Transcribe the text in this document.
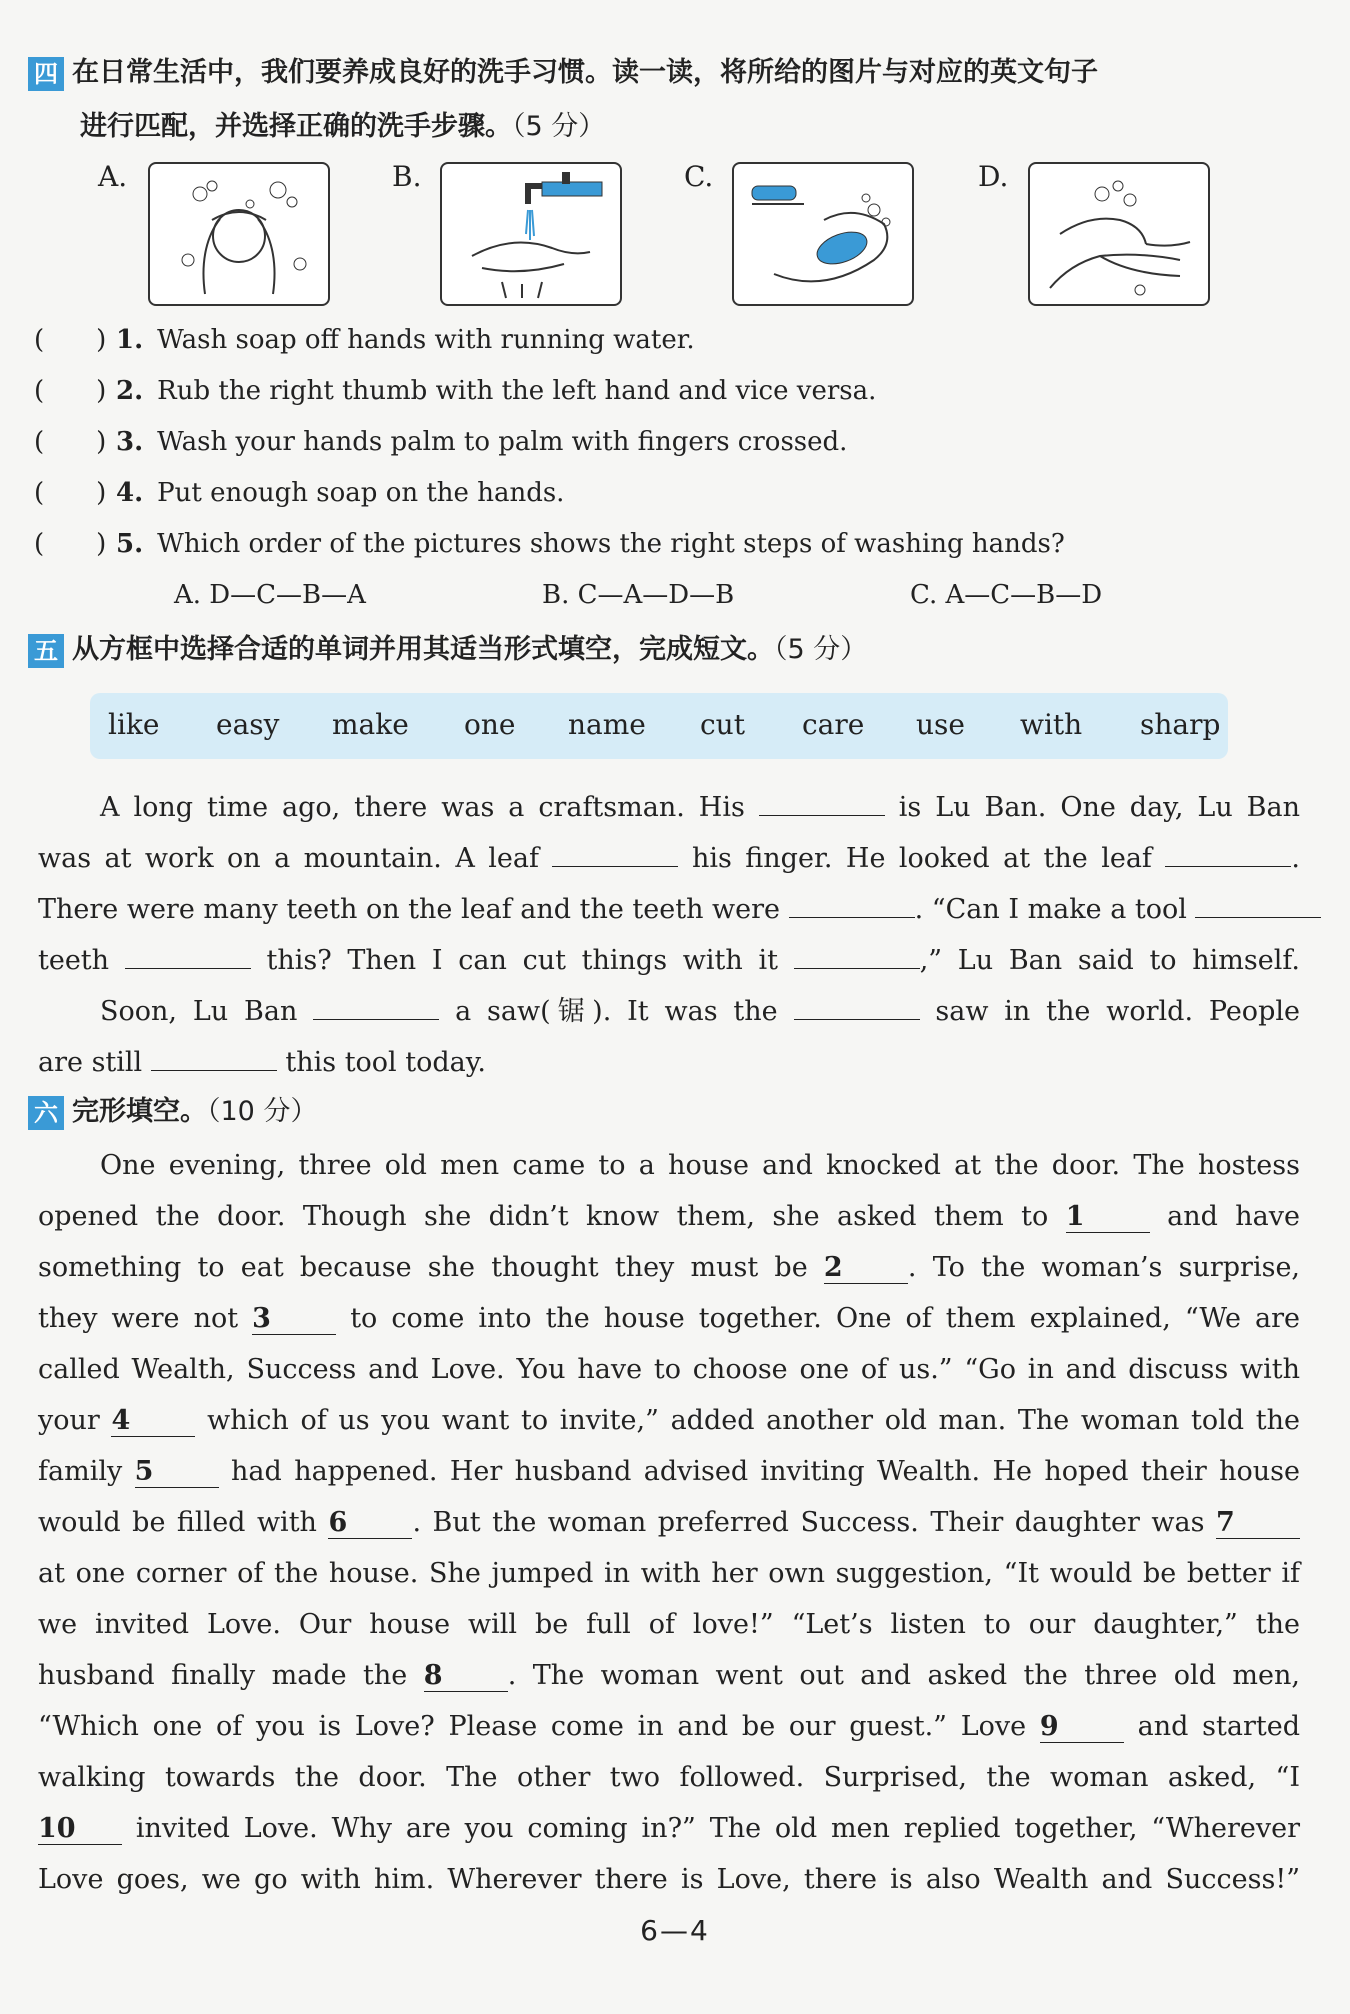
四 在日常生活中，我们要养成良好的洗手习惯。读一读，将所给的图片与对应的英文句子
进行匹配，并选择正确的洗手步骤。（5 分）
A.	B.	C.	D.
(　　) 1. Wash soap off hands with running water.
(　　) 2. Rub the right thumb with the left hand and vice versa.
(　　) 3. Wash your hands palm to palm with fingers crossed.
(　　) 4. Put enough soap on the hands.
(　　) 5. Which order of the pictures shows the right steps of washing hands?
A. D—C—B—A	B. C—A—D—B	C. A—C—B—D
五 从方框中选择合适的单词并用其适当形式填空，完成短文。（5 分）
like easy make one name cut care use with sharp
A long time ago, there was a craftsman. His	is Lu Ban. One day, Lu Ban
was at work on a mountain. A leaf	his finger. He looked at the leaf	.
There were many teeth on the leaf and the teeth were	. “Can I make a tool
teeth	this? Then I can cut things with it	,” Lu Ban said to himself.
Soon, Lu Ban	a saw(锯). It was the	saw in the world. People
are still	this tool today.
六 完形填空。（10 分）
One evening, three old men came to a house and knocked at the door. The hostess
opened the door. Though she didn’t know them, she asked them to 1	and have
something to eat because she thought they must be 2 . To the woman’s surprise,
they were not 3	to come into the house together. One of them explained, “We are
called Wealth, Success and Love. You have to choose one of us.” “Go in and discuss with
your 4	which of us you want to invite,” added another old man. The woman told the
family 5	had happened. Her husband advised inviting Wealth. He hoped their house
would be filled with 6 . But the woman preferred Success. Their daughter was 7
at one corner of the house. She jumped in with her own suggestion, “It would be better if
we invited Love. Our house will be full of love!” “Let’s listen to our daughter,” the
husband finally made the 8 . The woman went out and asked the three old men,
“Which one of you is Love? Please come in and be our guest.” Love 9	and started
walking towards the door. The other two followed. Surprised, the woman asked, “I
10 invited Love. Why are you coming in?” The old men replied together, “Wherever
Love goes, we go with him. Wherever there is Love, there is also Wealth and Success!”
6—4
